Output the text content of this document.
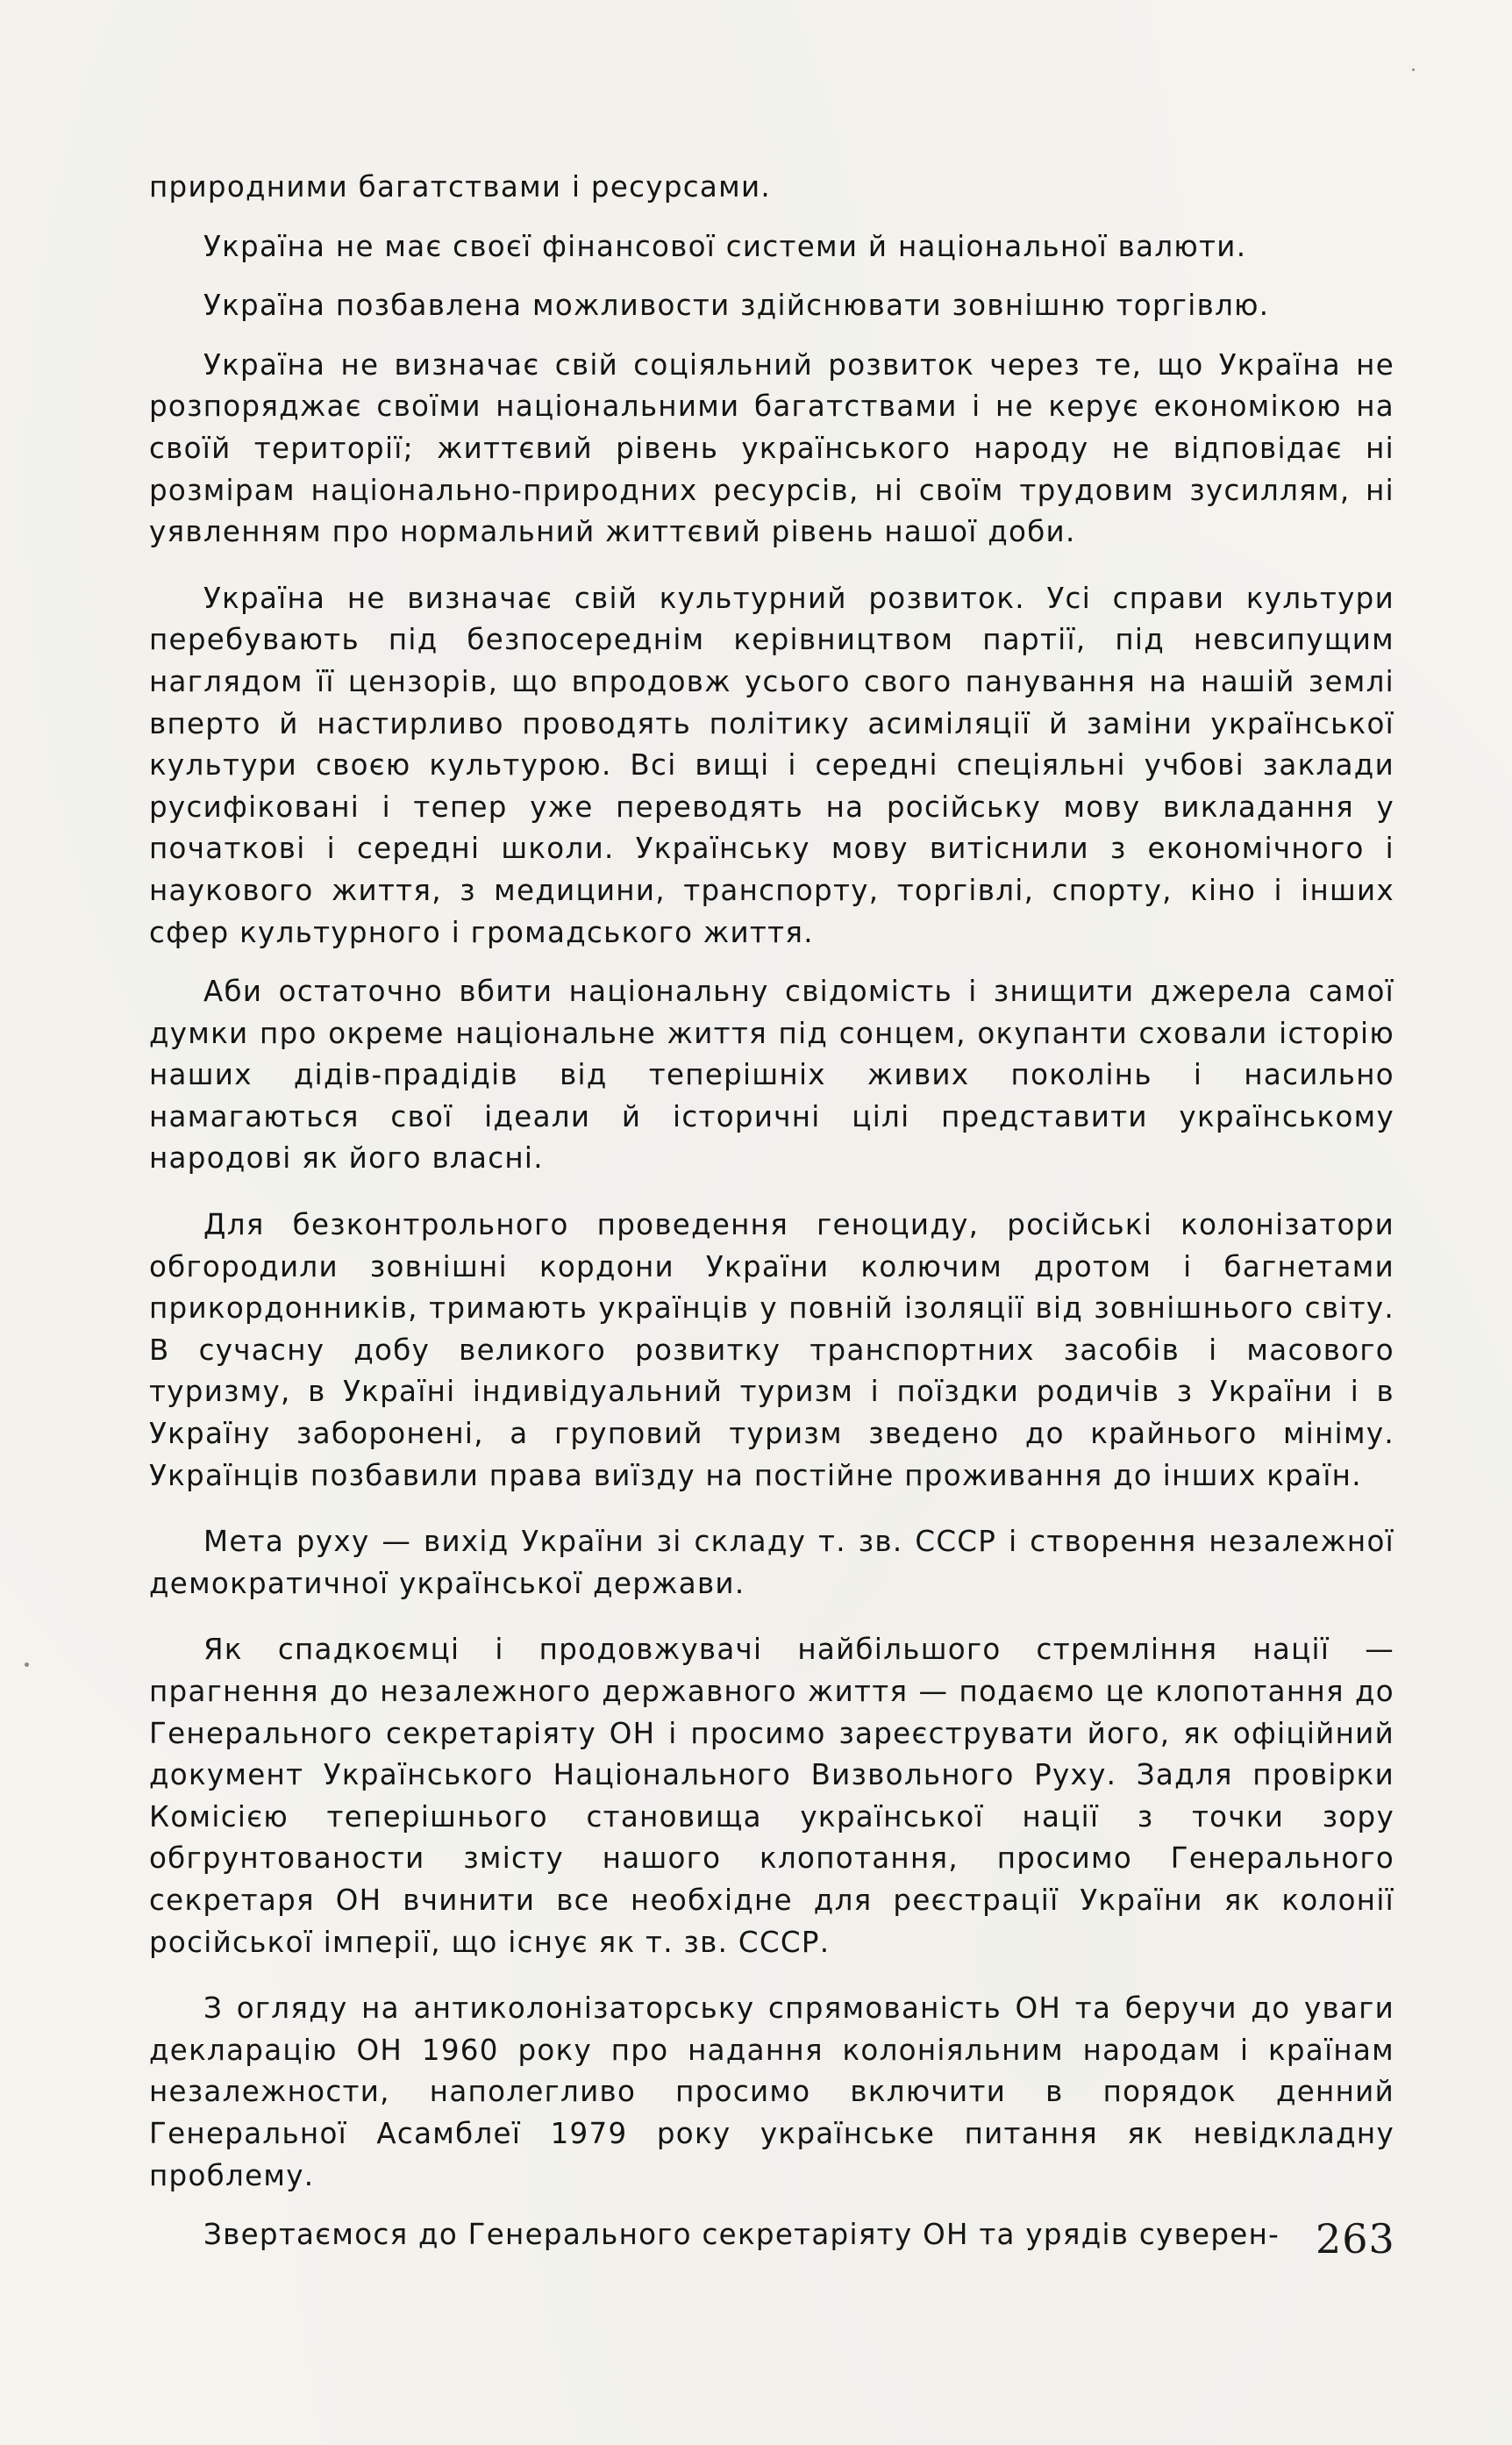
природними багатствами і ресурсами.

Україна не має своєї фінансової системи й національної валюти.

Україна позбавлена можливости здійснювати зовнішню торгівлю.

Україна не визначає свій соціяльний розвиток через те, що Україна не розпоряджає своїми національними багатствами і не керує економікою на своїй території; життєвий рівень українського народу не відповідає ні розмірам національно-природних ресурсів, ні своїм трудовим зусиллям, ні уявленням про нормальний життєвий рівень нашої доби.

Україна не визначає свій культурний розвиток. Усі справи культури перебувають під безпосереднім керівництвом партії, під невсипущим наглядом її цензорів, що впродовж усього свого панування на нашій землі вперто й настирливо проводять політику асиміляції й заміни української культури своєю культурою. Всі вищі і середні спеціяльні учбові заклади русифіковані і тепер уже переводять на російську мову викладання у початкові і середні школи. Українську мову витіснили з економічного і наукового життя, з медицини, транспорту, торгівлі, спорту, кіно і інших сфер культурного і громадського життя.

Аби остаточно вбити національну свідомість і знищити джерела самої думки про окреме національне життя під сонцем, окупанти сховали історію наших дідів-прадідів від теперішніх живих поколінь і насильно намагаються свої ідеали й історичні цілі представити українському народові як його власні.

Для безконтрольного проведення геноциду, російські колонізатори обгородили зовнішні кордони України колючим дротом і багнетами прикордонників, тримають українців у повній ізоляції від зовнішнього світу. В сучасну добу великого розвитку транспортних засобів і масового туризму, в Україні індивідуальний туризм і поїздки родичів з України і в Україну заборонені, а груповий туризм зведено до крайнього мініму. Українців позбавили права виїзду на постійне проживання до інших країн.

Мета руху — вихід України зі складу т. зв. СССР і створення незалежної демократичної української держави.

Як спадкоємці і продовжувачі найбільшого стремління нації — прагнення до незалежного державного життя — подаємо це клопотання до Генерального секретаріяту ОН і просимо зареєструвати його, як офіційний документ Українського Національного Визвольного Руху. Задля провірки Комісією теперішнього становища української нації з точки зору обгрунтованости змісту нашого клопотання, просимо Генерального секретаря ОН вчинити все необхідне для реєстрації України як колонії російської імперії, що існує як т. зв. СССР.

З огляду на антиколонізаторську спрямованість ОН та беручи до уваги декларацію ОН 1960 року про надання колоніяльним народам і країнам незалежности, наполегливо просимо включити в порядок денний Генеральної Асамблеї 1979 року українське питання як невідкладну проблему.

Звертаємося до Генерального секретаріяту ОН та урядів суверен- 263
